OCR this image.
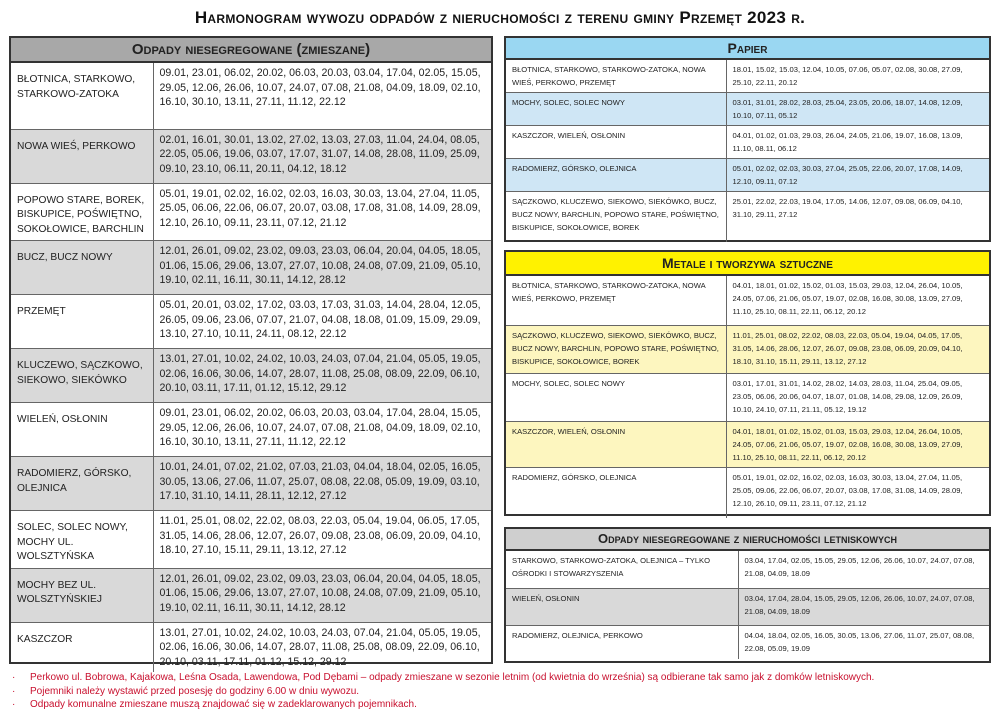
Harmonogram wywozu odpadów z nieruchomości z terenu gminy Przemęt 2023 r.
Odpady niesegregowane (zmieszane)
BŁOTNICA, STARKOWO, STARKOWO-ZATOKA	09.01, 23.01, 06.02, 20.02, 06.03, 20.03, 03.04, 17.04, 02.05, 15.05, 29.05, 12.06, 26.06, 10.07, 24.07, 07.08, 21.08, 04.09, 18.09, 02.10, 16.10, 30.10, 13.11, 27.11, 11.12, 22.12
NOWA WIEŚ, PERKOWO	02.01, 16.01, 30.01, 13.02, 27.02, 13.03, 27.03, 11.04, 24.04, 08.05, 22.05, 05.06, 19.06, 03.07, 17.07, 31.07, 14.08, 28.08, 11.09, 25.09, 09.10, 23.10, 06.11, 20.11, 04.12, 18.12
POPOWO STARE, BOREK, BISKUPICE, POŚWIĘTNO, SOKOŁOWICE, BARCHLIN	05.01, 19.01, 02.02, 16.02, 02.03, 16.03, 30.03, 13.04, 27.04, 11.05, 25.05, 06.06, 22.06, 06.07, 20.07, 03.08, 17.08, 31.08, 14.09, 28.09, 12.10, 26.10, 09.11, 23.11, 07.12, 21.12
BUCZ, BUCZ NOWY	12.01, 26.01, 09.02, 23.02, 09.03, 23.03, 06.04, 20.04, 04.05, 18.05, 01.06, 15.06, 29.06, 13.07, 27.07, 10.08, 24.08, 07.09, 21.09, 05.10, 19.10, 02.11, 16.11, 30.11, 14.12, 28.12
PRZEMĘT	05.01, 20.01, 03.02, 17.02, 03.03, 17.03, 31.03, 14.04, 28.04, 12.05, 26.05, 09.06, 23.06, 07.07, 21.07, 04.08, 18.08, 01.09, 15.09, 29.09, 13.10, 27.10, 10.11, 24.11, 08.12, 22.12
KLUCZEWO, SĄCZKOWO, SIEKOWO, SIEKÓWKO	13.01, 27.01, 10.02, 24.02, 10.03, 24.03, 07.04, 21.04, 05.05, 19.05, 02.06, 16.06, 30.06, 14.07, 28.07, 11.08, 25.08, 08.09, 22.09, 06.10, 20.10, 03.11, 17.11, 01.12, 15.12, 29.12
WIELEŃ, OSŁONIN	09.01, 23.01, 06.02, 20.02, 06.03, 20.03, 03.04, 17.04, 28.04, 15.05, 29.05, 12.06, 26.06, 10.07, 24.07, 07.08, 21.08, 04.09, 18.09, 02.10, 16.10, 30.10, 13.11, 27.11, 11.12, 22.12
RADOMIERZ, GÓRSKO, OLEJNICA	10.01, 24.01, 07.02, 21.02, 07.03, 21.03, 04.04, 18.04, 02.05, 16.05, 30.05, 13.06, 27.06, 11.07, 25.07, 08.08, 22.08, 05.09, 19.09, 03.10, 17.10, 31.10, 14.11, 28.11, 12.12, 27.12
SOLEC, SOLEC NOWY, MOCHY UL. WOLSZTYŃSKA	11.01, 25.01, 08.02, 22.02, 08.03, 22.03, 05.04, 19.04, 06.05, 17.05, 31.05, 14.06, 28.06, 12.07, 26.07, 09.08, 23.08, 06.09, 20.09, 04.10, 18.10, 27.10, 15.11, 29.11, 13.12, 27.12
MOCHY BEZ UL. WOLSZTYŃSKIEJ	12.01, 26.01, 09.02, 23.02, 09.03, 23.03, 06.04, 20.04, 04.05, 18.05, 01.06, 15.06, 29.06, 13.07, 27.07, 10.08, 24.08, 07.09, 21.09, 05.10, 19.10, 02.11, 16.11, 30.11, 14.12, 28.12
KASZCZOR	13.01, 27.01, 10.02, 24.02, 10.03, 24.03, 07.04, 21.04, 05.05, 19.05, 02.06, 16.06, 30.06, 14.07, 28.07, 11.08, 25.08, 08.09, 22.09, 06.10, 20.10, 03.11, 17.11, 01.12, 15.12, 29.12
Papier
BŁOTNICA, STARKOWO, STARKOWO-ZATOKA, NOWA WIEŚ, PERKOWO, PRZEMĘT	18.01, 15.02, 15.03, 12.04, 10.05, 07.06, 05.07, 02.08, 30.08, 27.09, 25.10, 22.11, 20.12
MOCHY, SOLEC, SOLEC NOWY	03.01, 31.01, 28.02, 28.03, 25.04, 23.05, 20.06, 18.07, 14.08, 12.09, 10.10, 07.11, 05.12
KASZCZOR, WIELEŃ, OSŁONIN	04.01, 01.02, 01.03, 29.03, 26.04, 24.05, 21.06, 19.07, 16.08, 13.09, 11.10, 08.11, 06.12
RADOMIERZ, GÓRSKO, OLEJNICA	05.01, 02.02, 02.03, 30.03, 27.04, 25.05, 22.06, 20.07, 17.08, 14.09, 12.10, 09.11, 07.12
SĄCZKOWO, KLUCZEWO, SIEKOWO, SIEKÓWKO, BUCZ, BUCZ NOWY, BARCHLIN, POPOWO STARE, POŚWIĘTNO, BISKUPICE, SOKOŁOWICE, BOREK	25.01, 22.02, 22.03, 19.04, 17.05, 14.06, 12.07, 09.08, 06.09, 04.10, 31.10, 29.11, 27.12
Metale i tworzywa sztuczne
BŁOTNICA, STARKOWO, STARKOWO-ZATOKA, NOWA WIEŚ, PERKOWO, PRZEMĘT	04.01, 18.01, 01.02, 15.02, 01.03, 15.03, 29.03, 12.04, 26.04, 10.05, 24.05, 07.06, 21.06, 05.07, 19.07, 02.08, 16.08, 30.08, 13.09, 27.09, 11.10, 25.10, 08.11, 22.11, 06.12, 20.12
SĄCZKOWO, KLUCZEWO, SIEKOWO, SIEKÓWKO, BUCZ, BUCZ NOWY, BARCHLIN, POPOWO STARE, POŚWIĘTNO, BISKUPICE, SOKOŁOWICE, BOREK	11.01, 25.01, 08.02, 22.02, 08.03, 22.03, 05.04, 19.04, 04.05, 17.05, 31.05, 14.06, 28.06, 12.07, 26.07, 09.08, 23.08, 06.09, 20.09, 04.10, 18.10, 31.10, 15.11, 29.11, 13.12, 27.12
MOCHY, SOLEC, SOLEC NOWY	03.01, 17.01, 31.01, 14.02, 28.02, 14.03, 28.03, 11.04, 25.04, 09.05, 23.05, 06.06, 20.06, 04.07, 18.07, 01.08, 14.08, 29.08, 12.09, 26.09, 10.10, 24.10, 07.11, 21.11, 05.12, 19.12
KASZCZOR, WIELEŃ, OSŁONIN	04.01, 18.01, 01.02, 15.02, 01.03, 15.03, 29.03, 12.04, 26.04, 10.05, 24.05, 07.06, 21.06, 05.07, 19.07, 02.08, 16.08, 30.08, 13.09, 27.09, 11.10, 25.10, 08.11, 22.11, 06.12, 20.12
RADOMIERZ, GÓRSKO, OLEJNICA	05.01, 19.01, 02.02, 16.02, 02.03, 16.03, 30.03, 13.04, 27.04, 11.05, 25.05, 09.06, 22.06, 06.07, 20.07, 03.08, 17.08, 31.08, 14.09, 28.09, 12.10, 26.10, 09.11, 23.11, 07.12, 21.12
Odpady niesegregowane z nieruchomości letniskowych
STARKOWO, STARKOWO-ZATOKA, OLEJNICA – TYLKO OŚRODKI I STOWARZYSZENIA	03.04, 17.04, 02.05, 15.05, 29.05, 12.06, 26.06, 10.07, 24.07, 07.08, 21.08, 04.09, 18.09
WIELEŃ, OSŁONIN	03.04, 17.04, 28.04, 15.05, 29.05, 12.06, 26.06, 10.07, 24.07, 07.08, 21.08, 04.09, 18.09
RADOMIERZ, OLEJNICA, PERKOWO	04.04, 18.04, 02.05, 16.05, 30.05, 13.06, 27.06, 11.07, 25.07, 08.08, 22.08, 05.09, 19.09
· Perkowo ul. Bobrowa, Kajakowa, Leśna Osada, Lawendowa, Pod Dębami – odpady zmieszane w sezonie letnim (od kwietnia do września) są odbierane tak samo jak z domków letniskowych.
· Pojemniki należy wystawić przed posesję do godziny 6.00 w dniu wywozu.
· Odpady komunalne zmieszane muszą znajdować się w zadeklarowanych pojemnikach.
